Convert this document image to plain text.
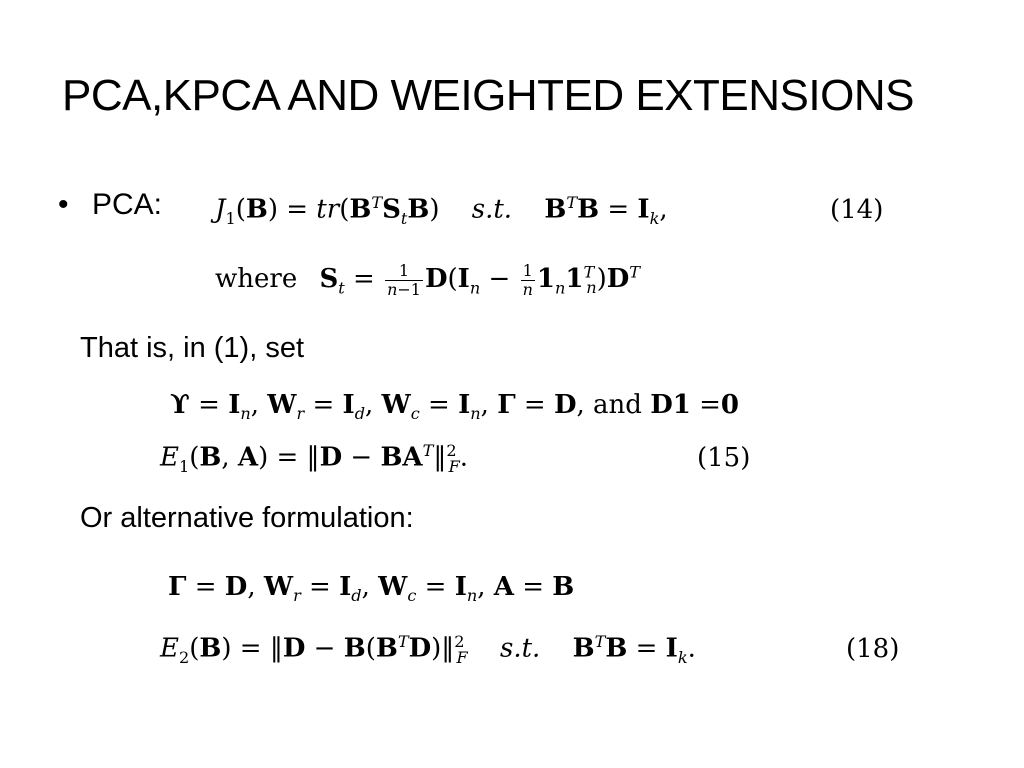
PCA,KPCA AND WEIGHTED EXTENSIONS
• PCA: $J_1(B) = tr(B^TS_tB)$ s.t. $B^TB = I_k$,	(14)
where $S_t = \frac{1}{n-1} D(I_n - \frac{1}{n} 1_n1^T_n)D^T$
That is, in (1), set
$ϒ = I_n$, $W_r = I_d$, $W_c = I_n$, Γ = D, and D1 =0
$E_1(B$, A) = ‖D − $BA^T‖^2_F$.	(15)
Or alternative formulation:
Γ = D, $W_r = I_d$, $W_c = I_n$, A = B
$E_2(B)$ = ‖D − $B(B^TD)‖^2_F$ s.t. $B^TB = I_k$.	(18)
